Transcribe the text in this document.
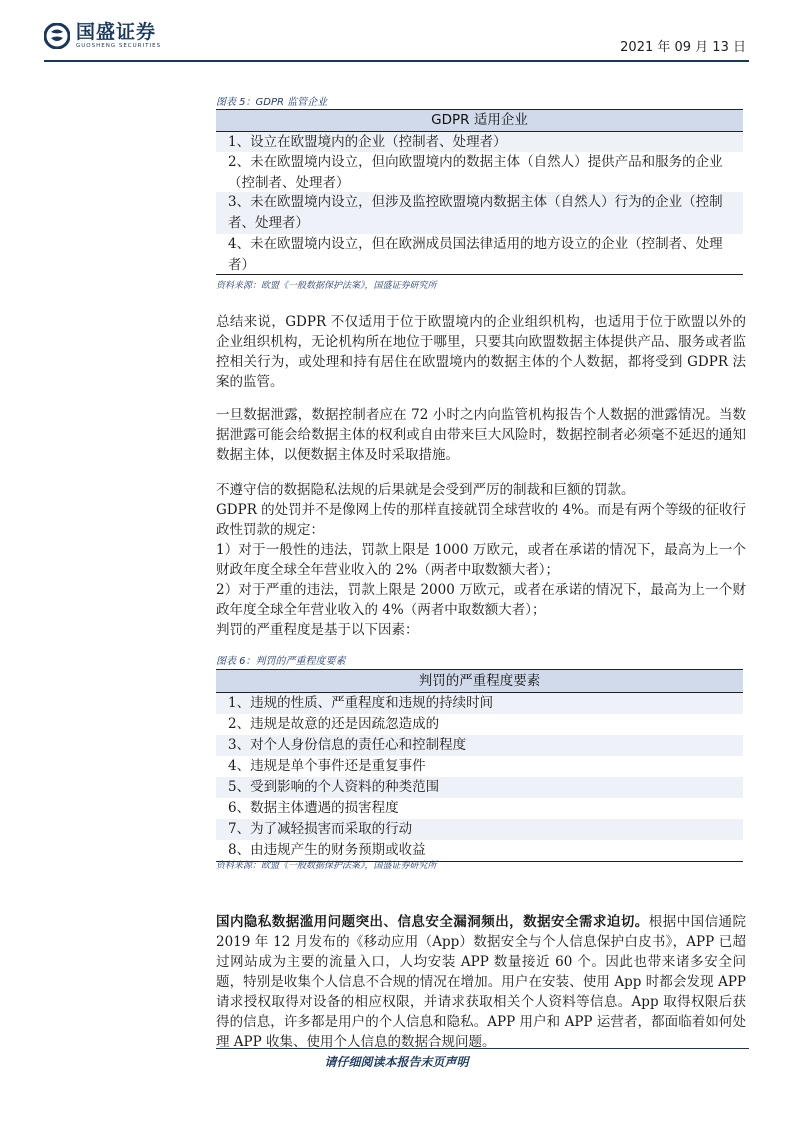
国盛证券
GUOSHENG SECURITIES	2021 年 09 月 13 日
图表 5：GDPR 监管企业
GDPR 适用企业
1、设立在欧盟境内的企业（控制者、处理者）
2、未在欧盟境内设立，但向欧盟境内的数据主体（自然人）提供产品和服务的企业（控制者、处理者）
3、未在欧盟境内设立，但涉及监控欧盟境内数据主体（自然人）行为的企业（控制者、处理者）
4、未在欧盟境内设立，但在欧洲成员国法律适用的地方设立的企业（控制者、处理者）
资料来源：欧盟《一般数据保护法案》，国盛证券研究所

总结来说，GDPR 不仅适用于位于欧盟境内的企业组织机构，也适用于位于欧盟以外的企业组织机构，无论机构所在地位于哪里，只要其向欧盟数据主体提供产品、服务或者监控相关行为，或处理和持有居住在欧盟境内的数据主体的个人数据，都将受到 GDPR 法案的监管。

一旦数据泄露，数据控制者应在 72 小时之内向监管机构报告个人数据的泄露情况。当数据泄露可能会给数据主体的权利或自由带来巨大风险时，数据控制者必须毫不延迟的通知数据主体，以便数据主体及时采取措施。

不遵守信的数据隐私法规的后果就是会受到严厉的制裁和巨额的罚款。
GDPR 的处罚并不是像网上传的那样直接就罚全球营收的 4%。而是有两个等级的征收行政性罚款的规定：
1）对于一般性的违法，罚款上限是 1000 万欧元，或者在承诺的情况下，最高为上一个财政年度全球全年营业收入的 2%（两者中取数额大者）；
2）对于严重的违法，罚款上限是 2000 万欧元，或者在承诺的情况下，最高为上一个财政年度全球全年营业收入的 4%（两者中取数额大者）；
判罚的严重程度是基于以下因素：
图表 6：判罚的严重程度要素
判罚的严重程度要素
1、违规的性质、严重程度和违规的持续时间
2、违规是故意的还是因疏忽造成的
3、对个人身份信息的责任心和控制程度
4、违规是单个事件还是重复事件
5、受到影响的个人资料的种类范围
6、数据主体遭遇的损害程度
7、为了减轻损害而采取的行动
8、由违规产生的财务预期或收益
资料来源：欧盟《一般数据保护法案》，国盛证券研究所

国内隐私数据滥用问题突出、信息安全漏洞频出，数据安全需求迫切。根据中国信通院 2019 年 12 月发布的《移动应用（App）数据安全与个人信息保护白皮书》，APP 已超过网站成为主要的流量入口，人均安装 APP 数量接近 60 个。因此也带来诸多安全问题，特别是收集个人信息不合规的情况在增加。用户在安装、使用 App 时都会发现 APP 请求授权取得对设备的相应权限，并请求获取相关个人资料等信息。App 取得权限后获得的信息，许多都是用户的个人信息和隐私。APP 用户和 APP 运营者，都面临着如何处理 APP 收集、使用个人信息的数据合规问题。

请仔细阅读本报告末页声明
